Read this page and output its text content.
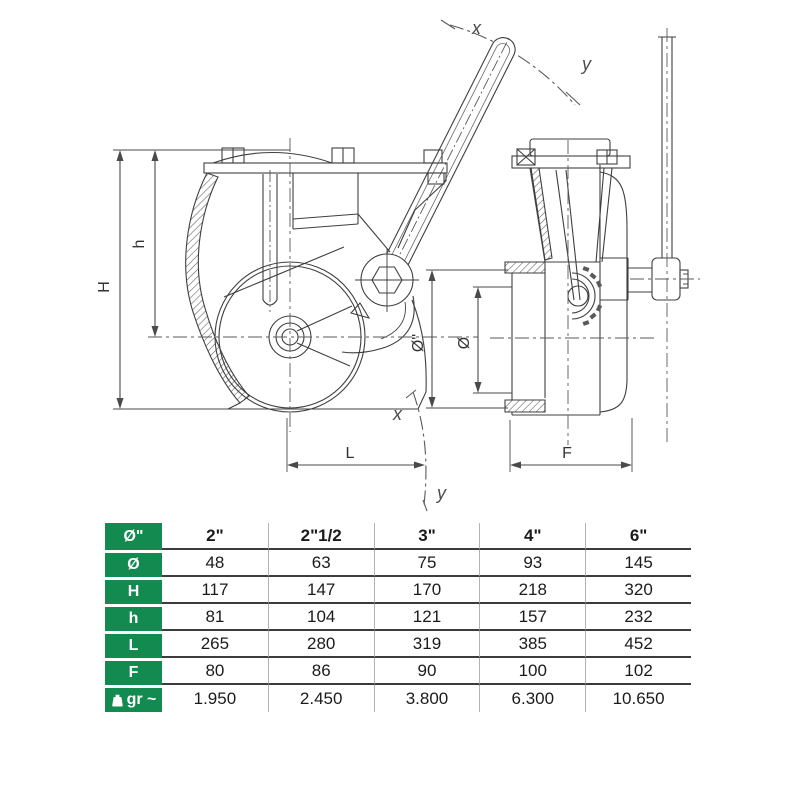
H
h
L	F
Ø" Ø
x
y
x
y
Ø"	2"	2"1/2	3"	4"	6"
Ø	48	63	75	93	145
H	117	147	170	218	320
h	81	104	121	157	232
L	265	280	319	385	452
F	80	86	90	100	102
gr ~	1.950	2.450	3.800	6.300	10.650
